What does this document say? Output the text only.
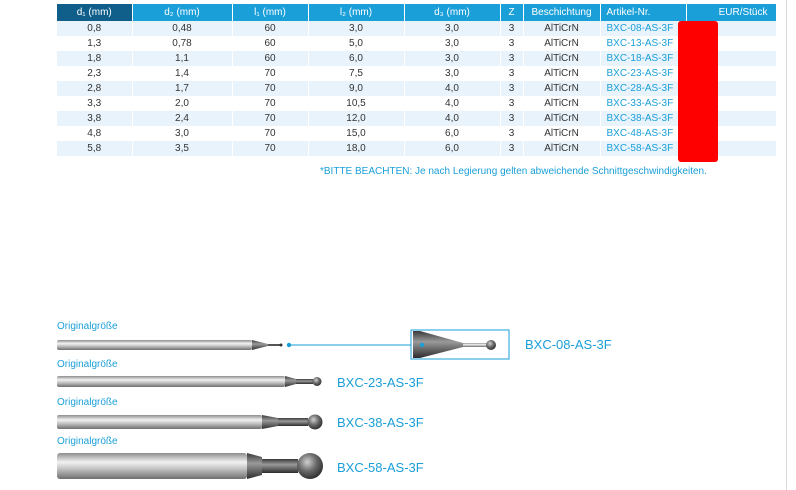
d₁ (mm)	d₂ (mm)	l₁ (mm)	l₂ (mm)	d₃ (mm)	Z	Beschichtung	Artikel-Nr.	EUR/Stück
0,8	0,48	60	3,0	3,0	3	AlTiCrN	BXC-08-AS-3F	
1,3	0,78	60	5,0	3,0	3	AlTiCrN	BXC-13-AS-3F	
1,8	1,1	60	6,0	3,0	3	AlTiCrN	BXC-18-AS-3F	
2,3	1,4	70	7,5	3,0	3	AlTiCrN	BXC-23-AS-3F	
2,8	1,7	70	9,0	4,0	3	AlTiCrN	BXC-28-AS-3F	
3,3	2,0	70	10,5	4,0	3	AlTiCrN	BXC-33-AS-3F	
3,8	2,4	70	12,0	4,0	3	AlTiCrN	BXC-38-AS-3F	
4,8	3,0	70	15,0	6,0	3	AlTiCrN	BXC-48-AS-3F	
5,8	3,5	70	18,0	6,0	3	AlTiCrN	BXC-58-AS-3F	
*BITTE BEACHTEN: Je nach Legierung gelten abweichende Schnittgeschwindigkeiten.
Originalgröße
Originalgröße
Originalgröße
Originalgröße
BXC-08-AS-3F
BXC-23-AS-3F
BXC-38-AS-3F
BXC-58-AS-3F
